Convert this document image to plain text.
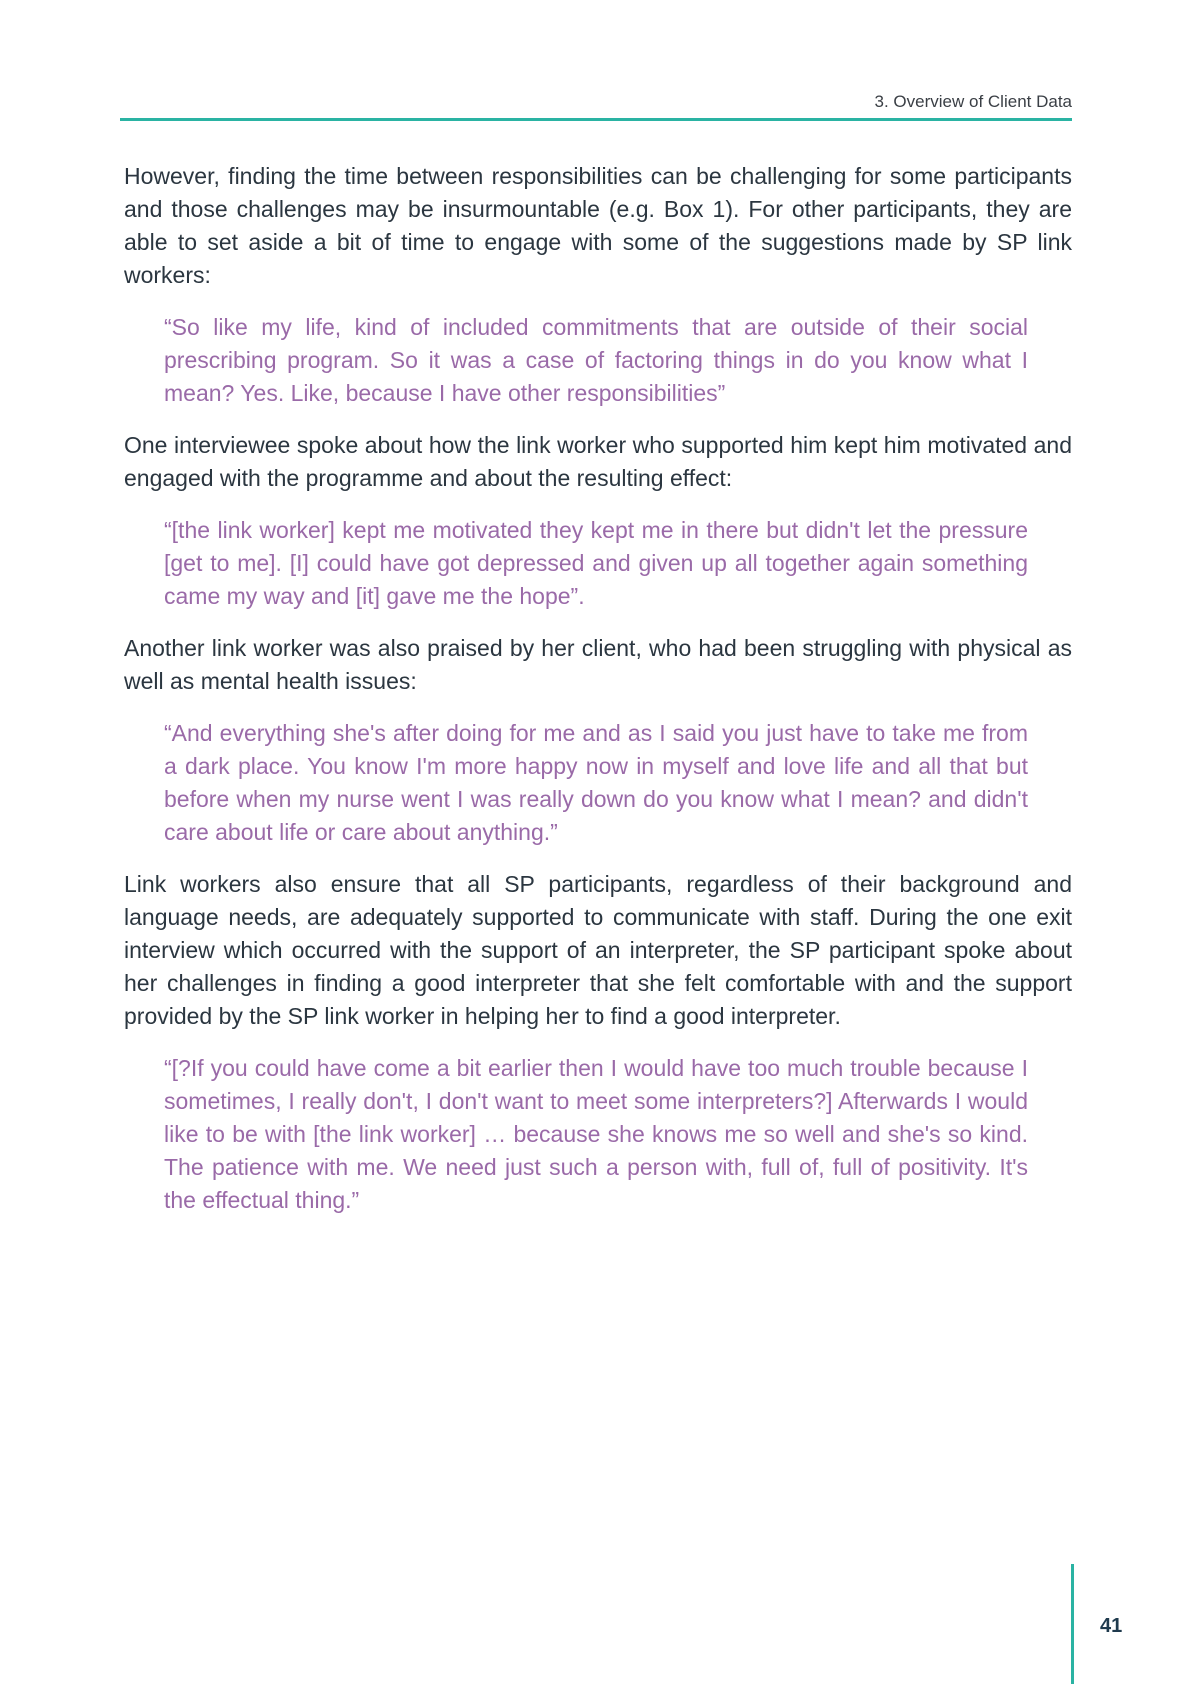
3. Overview of Client Data

However, finding the time between responsibilities can be challenging for some participants and those challenges may be insurmountable (e.g. Box 1). For other participants, they are able to set aside a bit of time to engage with some of the suggestions made by SP link workers:

“So like my life, kind of included commitments that are outside of their social prescribing program. So it was a case of factoring things in do you know what I mean? Yes. Like, because I have other responsibilities”

One interviewee spoke about how the link worker who supported him kept him motivated and engaged with the programme and about the resulting effect:

“[the link worker] kept me motivated they kept me in there but didn't let the pressure [get to me]. [I] could have got depressed and given up all together again something came my way and [it] gave me the hope”.

Another link worker was also praised by her client, who had been struggling with physical as well as mental health issues:

“And everything she's after doing for me and as I said you just have to take me from a dark place. You know I'm more happy now in myself and love life and all that but before when my nurse went I was really down do you know what I mean? and didn't care about life or care about anything.”

Link workers also ensure that all SP participants, regardless of their background and language needs, are adequately supported to communicate with staff. During the one exit interview which occurred with the support of an interpreter, the SP participant spoke about her challenges in finding a good interpreter that she felt comfortable with and the support provided by the SP link worker in helping her to find a good interpreter.

“[?If you could have come a bit earlier then I would have too much trouble because I sometimes, I really don't, I don't want to meet some interpreters?] Afterwards I would like to be with [the link worker] … because she knows me so well and she's so kind. The patience with me. We need just such a person with, full of, full of positivity. It's the effectual thing.”

41
